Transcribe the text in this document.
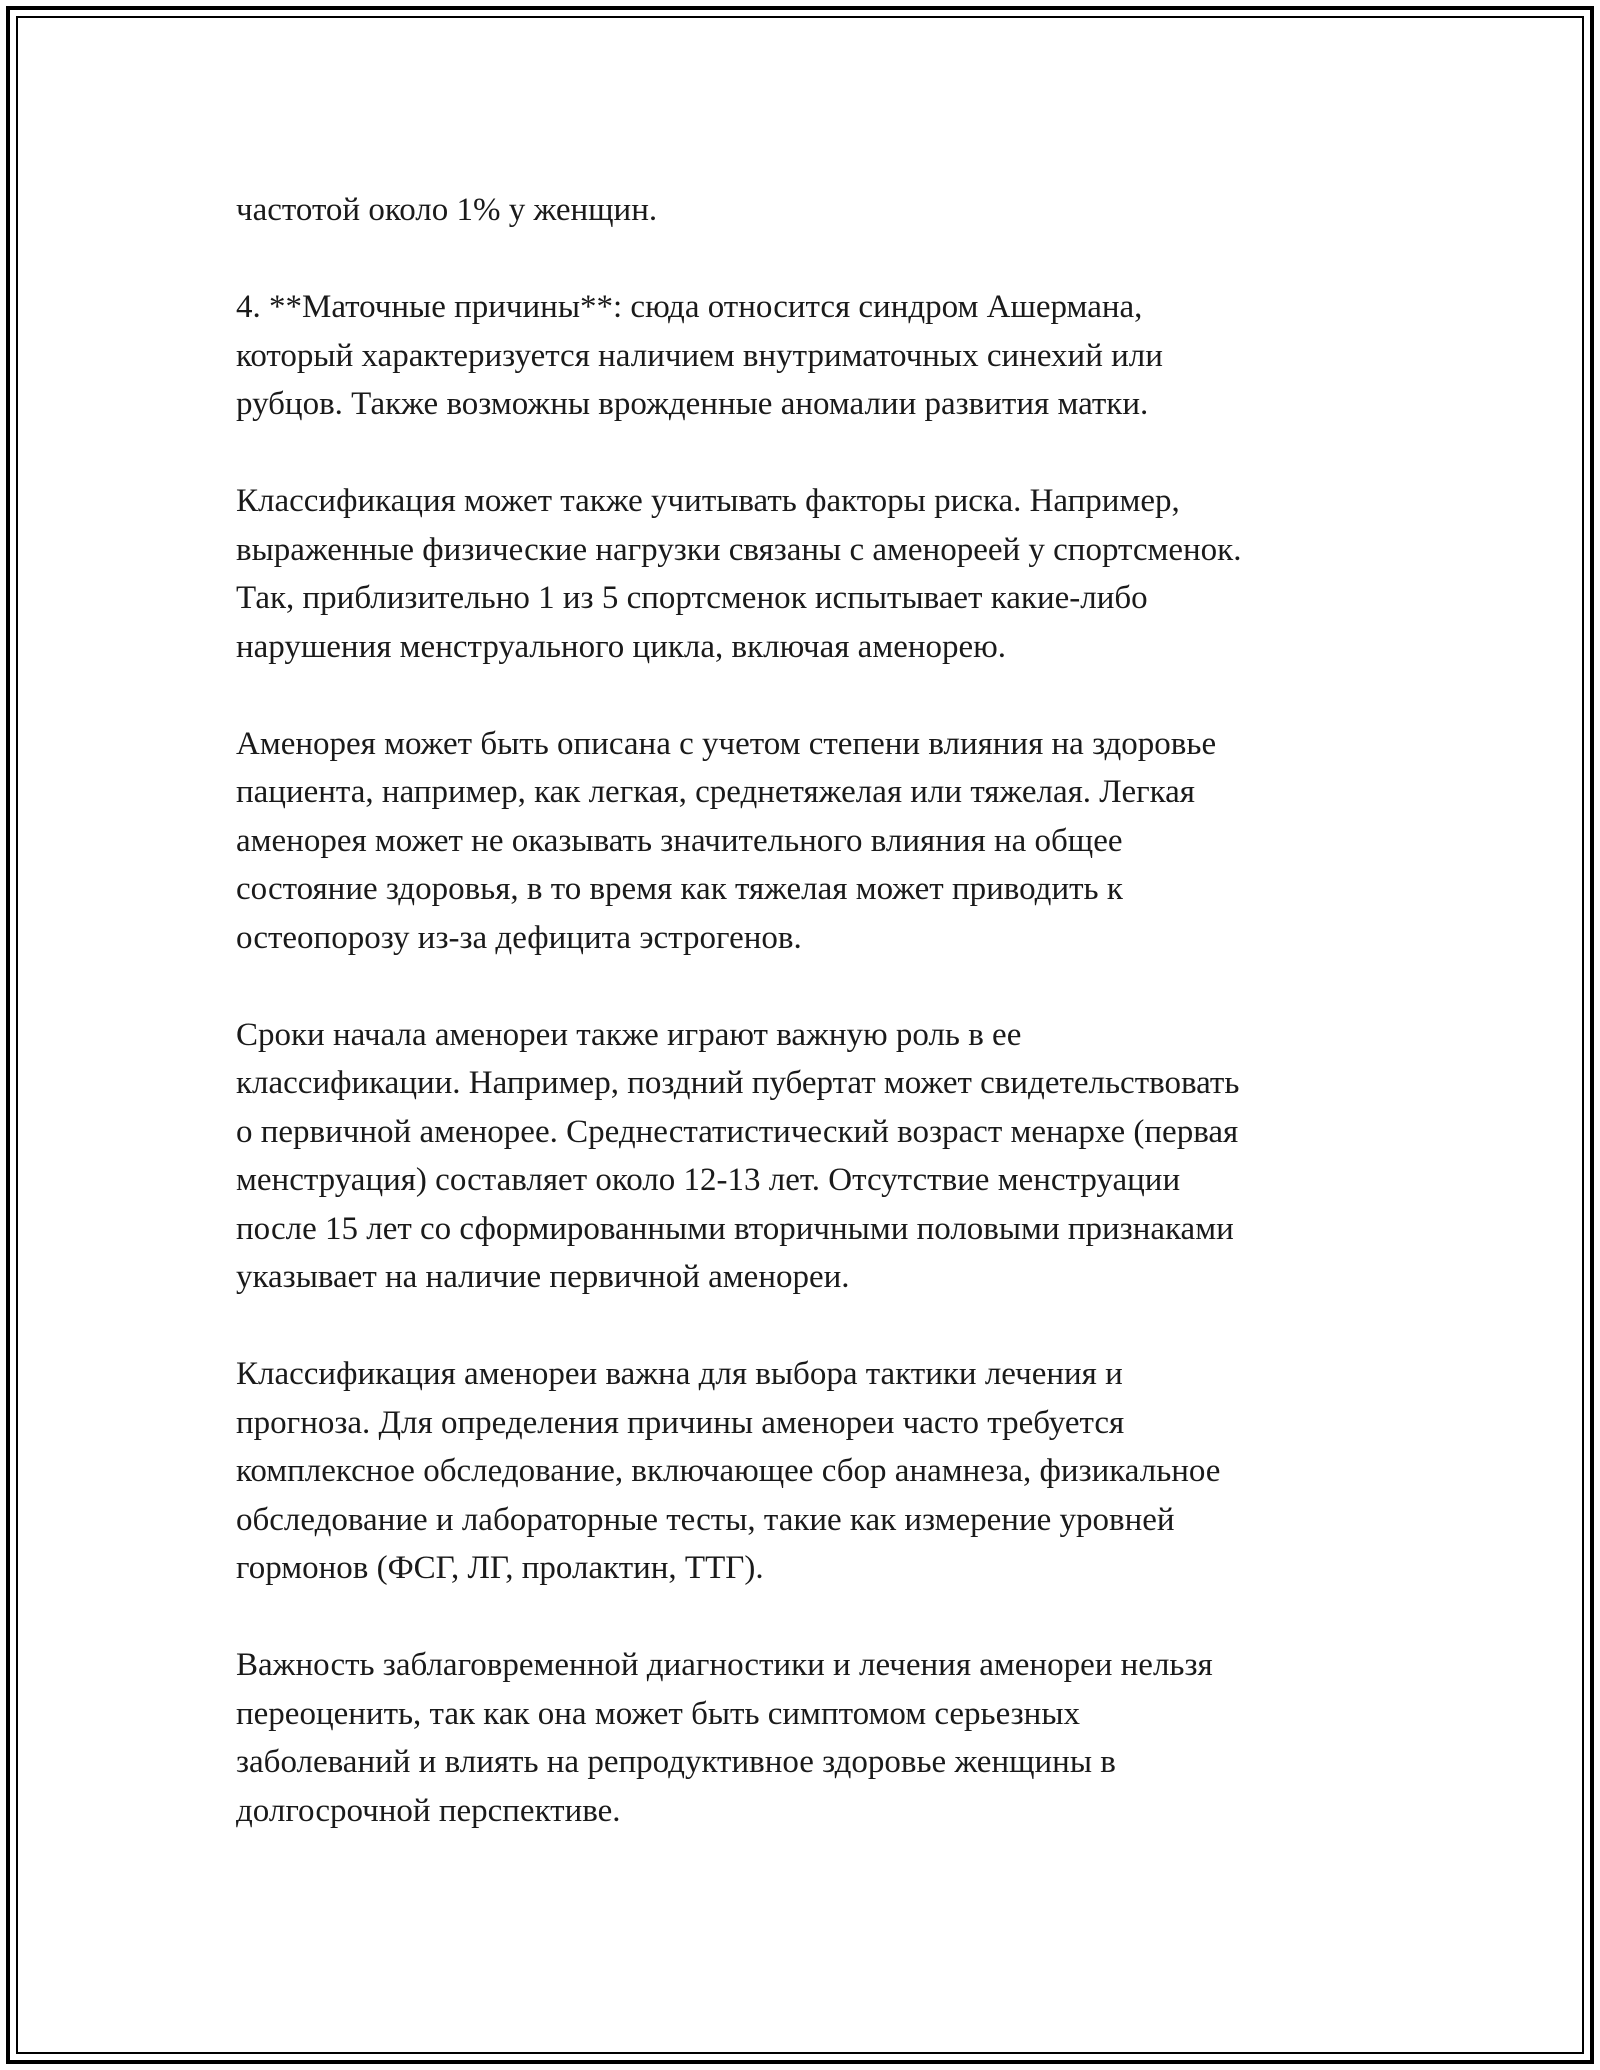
частотой около 1% у женщин.

4. **Маточные причины**: сюда относится синдром Ашермана,
который характеризуется наличием внутриматочных синехий или
рубцов. Также возможны врожденные аномалии развития матки.

Классификация может также учитывать факторы риска. Например,
выраженные физические нагрузки связаны с аменореей у спортсменок.
Так, приблизительно 1 из 5 спортсменок испытывает какие-либо
нарушения менструального цикла, включая аменорею.

Аменорея может быть описана с учетом степени влияния на здоровье
пациента, например, как легкая, среднетяжелая или тяжелая. Легкая
аменорея может не оказывать значительного влияния на общее
состояние здоровья, в то время как тяжелая может приводить к
остеопорозу из-за дефицита эстрогенов.

Сроки начала аменореи также играют важную роль в ее
классификации. Например, поздний пубертат может свидетельствовать
о первичной аменорее. Среднестатистический возраст менархе (первая
менструация) составляет около 12-13 лет. Отсутствие менструации
после 15 лет со сформированными вторичными половыми признаками
указывает на наличие первичной аменореи.

Классификация аменореи важна для выбора тактики лечения и
прогноза. Для определения причины аменореи часто требуется
комплексное обследование, включающее сбор анамнеза, физикальное
обследование и лабораторные тесты, такие как измерение уровней
гормонов (ФСГ, ЛГ, пролактин, ТТГ).

Важность заблаговременной диагностики и лечения аменореи нельзя
переоценить, так как она может быть симптомом серьезных
заболеваний и влиять на репродуктивное здоровье женщины в
долгосрочной перспективе.
